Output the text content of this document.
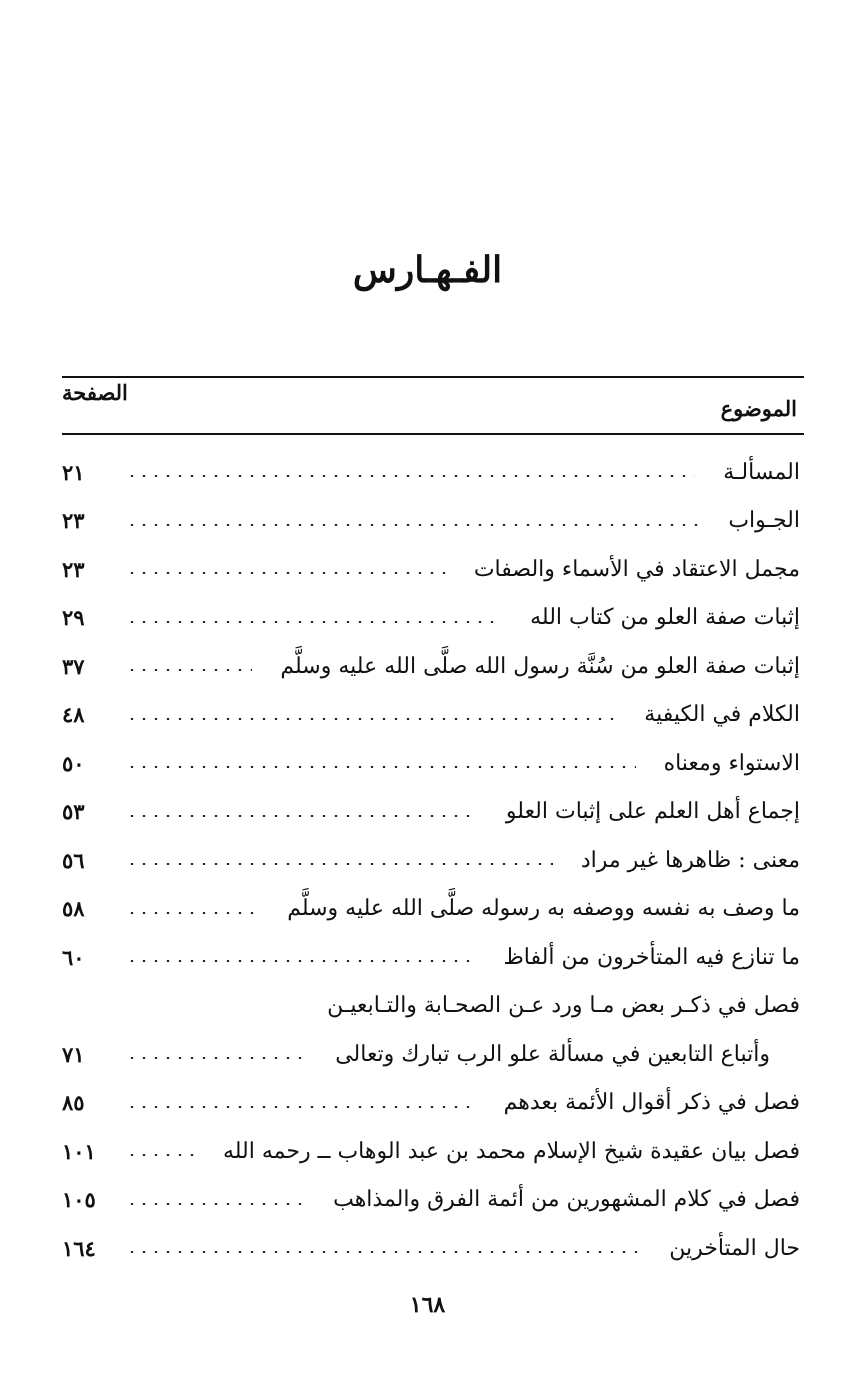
الفـهـارس
الصفحة
الموضوع
المسألـة
٢١
الجـواب
٢٣
مجمل الاعتقاد في الأسماء والصفات
٢٣
إثبات صفة العلو من كتاب الله
٢٩
إثبات صفة العلو من سُنَّة رسول الله صلَّى الله عليه وسلَّم
٣٧
الكلام في الكيفية
٤٨
الاستواء ومعناه
٥٠
إجماع أهل العلم على إثبات العلو
٥٣
معنى : ظاهرها غير مراد
٥٦
ما وصف به نفسه ووصفه به رسوله صلَّى الله عليه وسلَّم
٥٨
ما تنازع فيه المتأخرون من ألفاظ
٦٠
فصل في ذكـر بعض مـا ورد عـن الصحـابة والتـابعيـن
وأتباع التابعين في مسألة علو الرب تبارك وتعالى
٧١
فصل في ذكر أقوال الأئمة بعدهم
٨٥
فصل بيان عقيدة شيخ الإسلام محمد بن عبد الوهاب ــ رحمه الله
١٠١
فصل في كلام المشهورين من أئمة الفرق والمذاهب
١٠٥
حال المتأخرين
١٦٤
١٦٨
